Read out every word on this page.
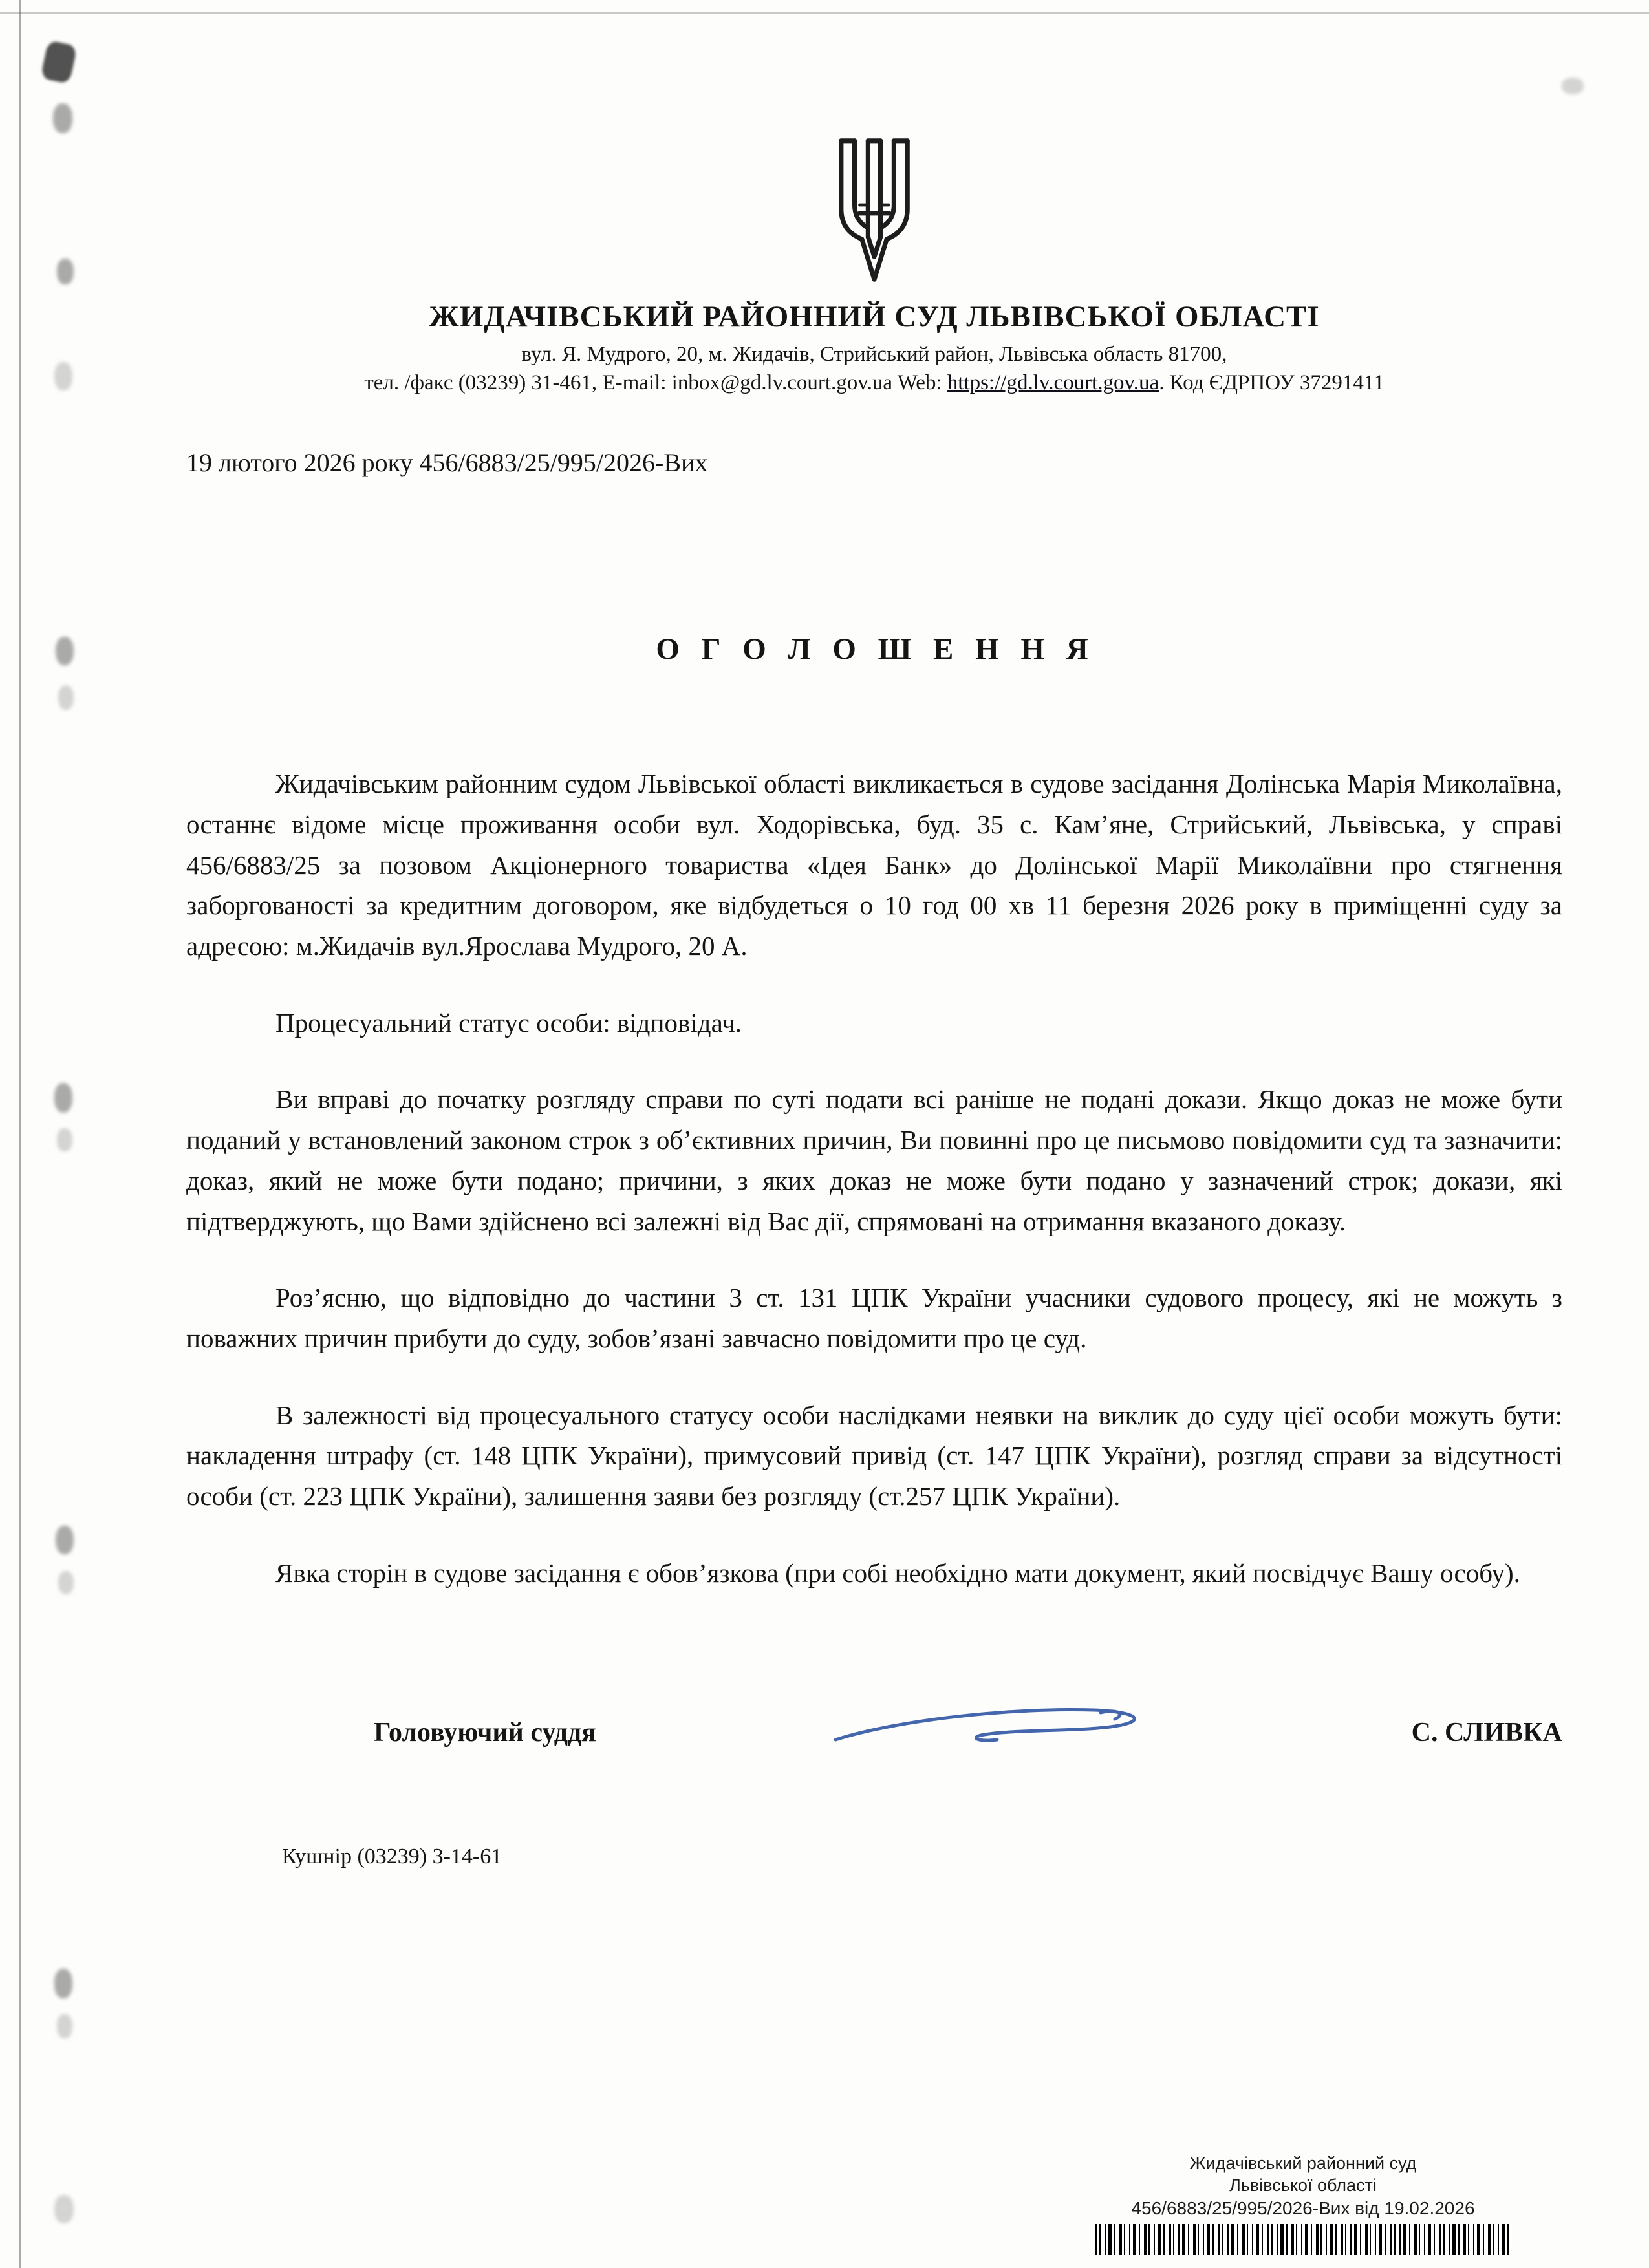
ЖИДАЧІВСЬКИЙ РАЙОННИЙ СУД ЛЬВІВСЬКОЇ ОБЛАСТІ
вул. Я. Мудрого, 20, м. Жидачів, Стрийський район, Львівська область 81700,
тел. /факс (03239) 31-461, E-mail: inbox@gd.lv.court.gov.ua Web: https://gd.lv.court.gov.ua. Код ЄДРПОУ 37291411
19 лютого 2026 року 456/6883/25/995/2026-Вих
О Г О Л О Ш Е Н Н Я

Жидачівським районним судом Львівської області викликається в судове засідання Долінська Марія Миколаївна, останнє відоме місце проживання особи вул. Ходорівська, буд. 35 с. Кам’яне, Стрийський, Львівська, у справі 456/6883/25 за позовом Акціонерного товариства «Ідея Банк» до Долінської Марії Миколаївни про стягнення заборгованості за кредитним договором, яке відбудеться о 10 год 00 хв 11 березня 2026 року в приміщенні суду за адресою: м.Жидачів вул.Ярослава Мудрого, 20 А.

Процесуальний статус особи: відповідач.

Ви вправі до початку розгляду справи по суті подати всі раніше не подані докази. Якщо доказ не може бути поданий у встановлений законом строк з об’єктивних причин, Ви повинні про це письмово повідомити суд та зазначити: доказ, який не може бути подано; причини, з яких доказ не може бути подано у зазначений строк; докази, які підтверджують, що Вами здійснено всі залежні від Вас дії, спрямовані на отримання вказаного доказу.

Роз’ясню, що відповідно до частини 3 ст. 131 ЦПК України учасники судового процесу, які не можуть з поважних причин прибути до суду, зобов’язані завчасно повідомити про це суд.

В залежності від процесуального статусу особи наслідками неявки на виклик до суду цієї особи можуть бути: накладення штрафу (ст. 148 ЦПК України), примусовий привід (ст. 147 ЦПК України), розгляд справи за відсутності особи (ст. 223 ЦПК України), залишення заяви без розгляду (ст.257 ЦПК України).

Явка сторін в судове засідання є обов’язкова (при собі необхідно мати документ, який посвідчує Вашу особу).

Головуючий суддя	С. СЛИВКА
Кушнір (03239) 3-14-61
Жидачівський районний суд
Львівської області
456/6883/25/995/2026-Вих від 19.02.2026
